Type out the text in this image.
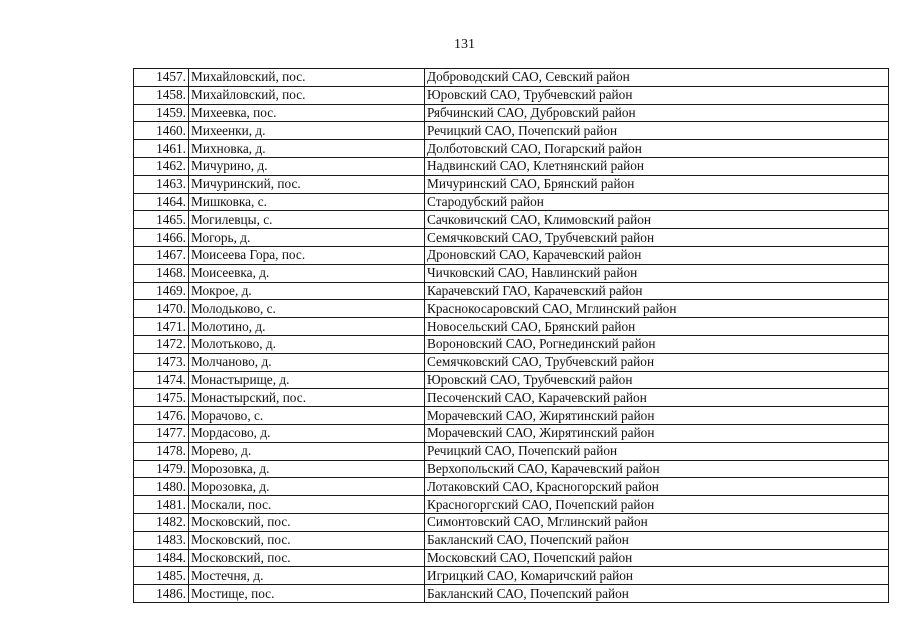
131
1457.	Михайловский, пос.	Доброводский САО, Севский район
1458.	Михайловский, пос.	Юровский САО, Трубчевский район
1459.	Михеевка, пос.	Рябчинский САО, Дубровский район
1460.	Михеенки, д.	Речицкий САО, Почепский район
1461.	Михновка, д.	Долботовский САО, Погарский район
1462.	Мичурино, д.	Надвинский САО, Клетнянский район
1463.	Мичуринский, пос.	Мичуринский САО, Брянский район
1464.	Мишковка, с.	Стародубский район
1465.	Могилевцы, с.	Сачковичский САО, Климовский район
1466.	Могорь, д.	Семячковский САО, Трубчевский район
1467.	Моисеева Гора, пос.	Дроновский САО, Карачевский район
1468.	Моисеевка, д.	Чичковский САО, Навлинский район
1469.	Мокрое, д.	Карачевский ГАО, Карачевский район
1470.	Молодьково, с.	Краснокосаровский САО, Мглинский район
1471.	Молотино, д.	Новосельский САО, Брянский район
1472.	Молотьково, д.	Вороновский САО, Рогнединский район
1473.	Молчаново, д.	Семячковский САО, Трубчевский район
1474.	Монастырище, д.	Юровский САО, Трубчевский район
1475.	Монастырский, пос.	Песоченский САО, Карачевский район
1476.	Морачово, с.	Морачевский САО, Жирятинский район
1477.	Мордасово, д.	Морачевский САО, Жирятинский район
1478.	Морево, д.	Речицкий САО, Почепский район
1479.	Морозовка, д.	Верхопольский САО, Карачевский район
1480.	Морозовка, д.	Лотаковский САО, Красногорский район
1481.	Москали, пос.	Красногоргский САО, Почепский район
1482.	Московский, пос.	Симонтовский САО, Мглинский район
1483.	Московский, пос.	Бакланский САО, Почепский район
1484.	Московский, пос.	Московский САО, Почепский район
1485.	Мостечня, д.	Игрицкий САО, Комаричский район
1486.	Мостище, пос.	Бакланский САО, Почепский район
